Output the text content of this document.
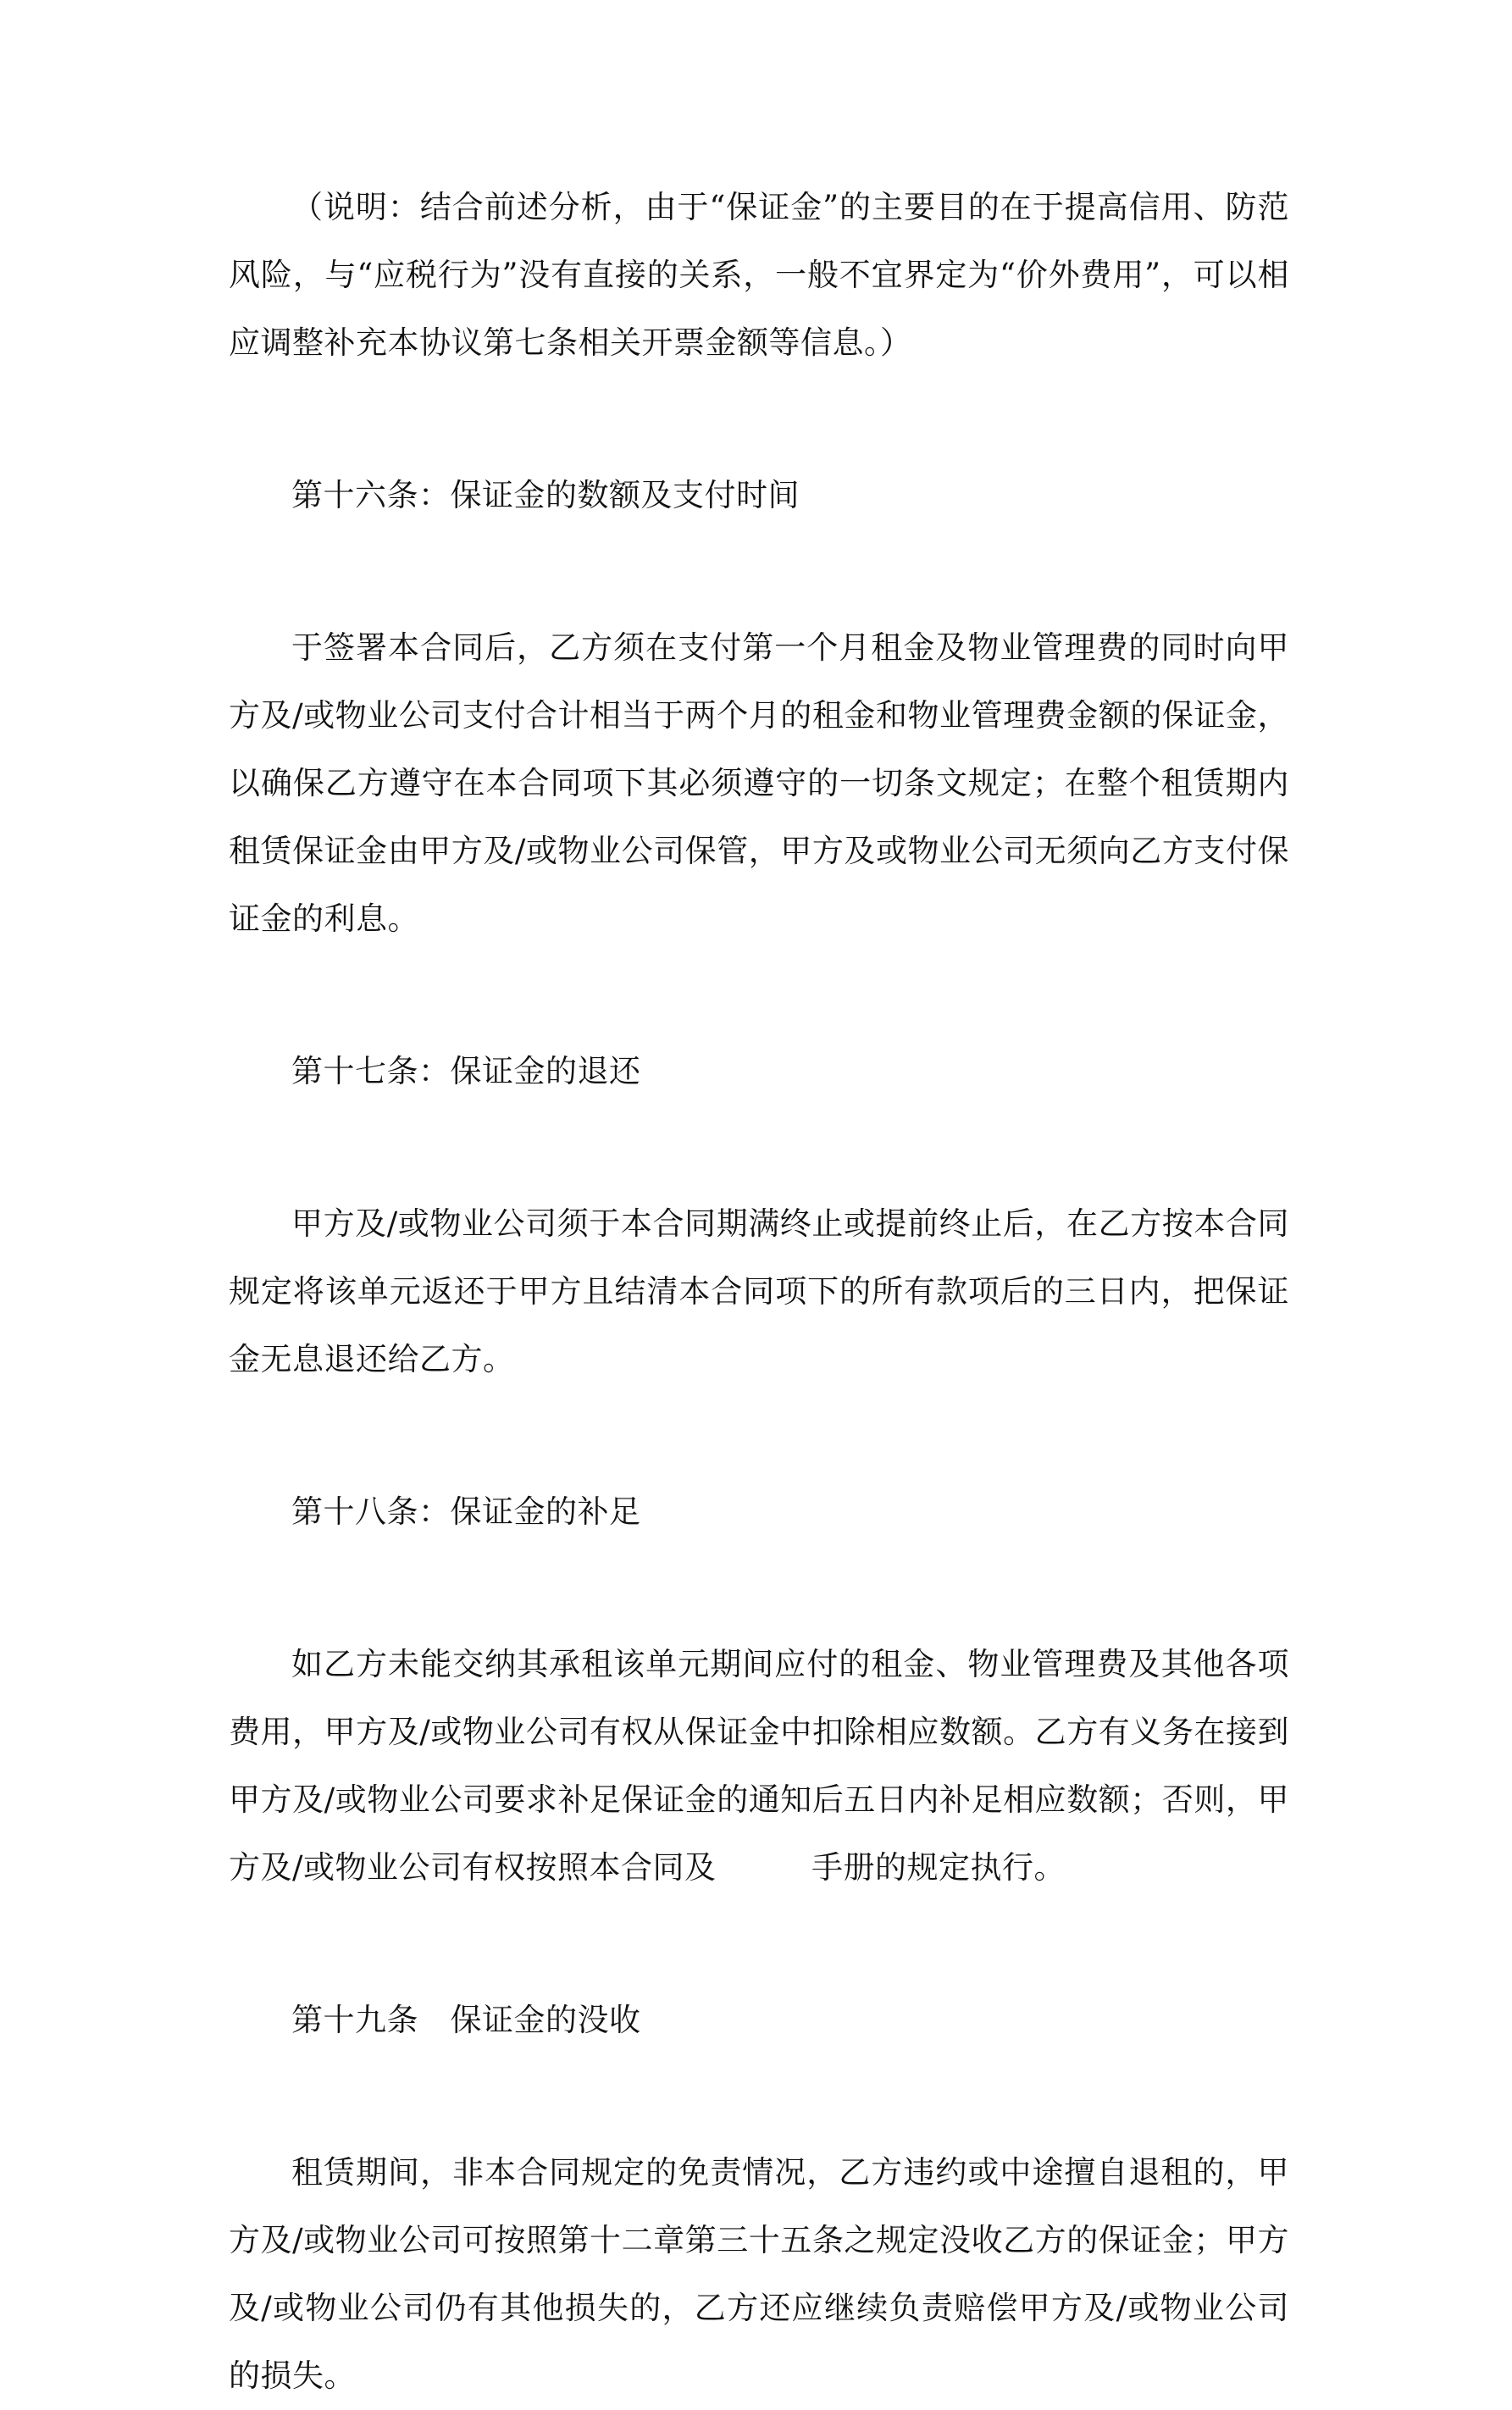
（说明：结合前述分析，由于“保证金”的主要目的在于提高信用、防范风险，与“应税行为”没有直接的关系，一般不宜界定为“价外费用”，可以相应调整补充本协议第七条相关开票金额等信息。）

第十六条：保证金的数额及支付时间

于签署本合同后，乙方须在支付第一个月租金及物业管理费的同时向甲方及/或物业公司支付合计相当于两个月的租金和物业管理费金额的保证金，以确保乙方遵守在本合同项下其必须遵守的一切条文规定；在整个租赁期内租赁保证金由甲方及/或物业公司保管，甲方及或物业公司无须向乙方支付保证金的利息。

第十七条：保证金的退还

甲方及/或物业公司须于本合同期满终止或提前终止后，在乙方按本合同规定将该单元返还于甲方且结清本合同项下的所有款项后的三日内，把保证金无息退还给乙方。

第十八条：保证金的补足

如乙方未能交纳其承租该单元期间应付的租金、物业管理费及其他各项费用，甲方及/或物业公司有权从保证金中扣除相应数额。乙方有义务在接到甲方及/或物业公司要求补足保证金的通知后五日内补足相应数额；否则，甲方及/或物业公司有权按照本合同及　　　手册的规定执行。

第十九条　保证金的没收

租赁期间，非本合同规定的免责情况，乙方违约或中途擅自退租的，甲方及/或物业公司可按照第十二章第三十五条之规定没收乙方的保证金；甲方及/或物业公司仍有其他损失的，乙方还应继续负责赔偿甲方及/或物业公司的损失。
